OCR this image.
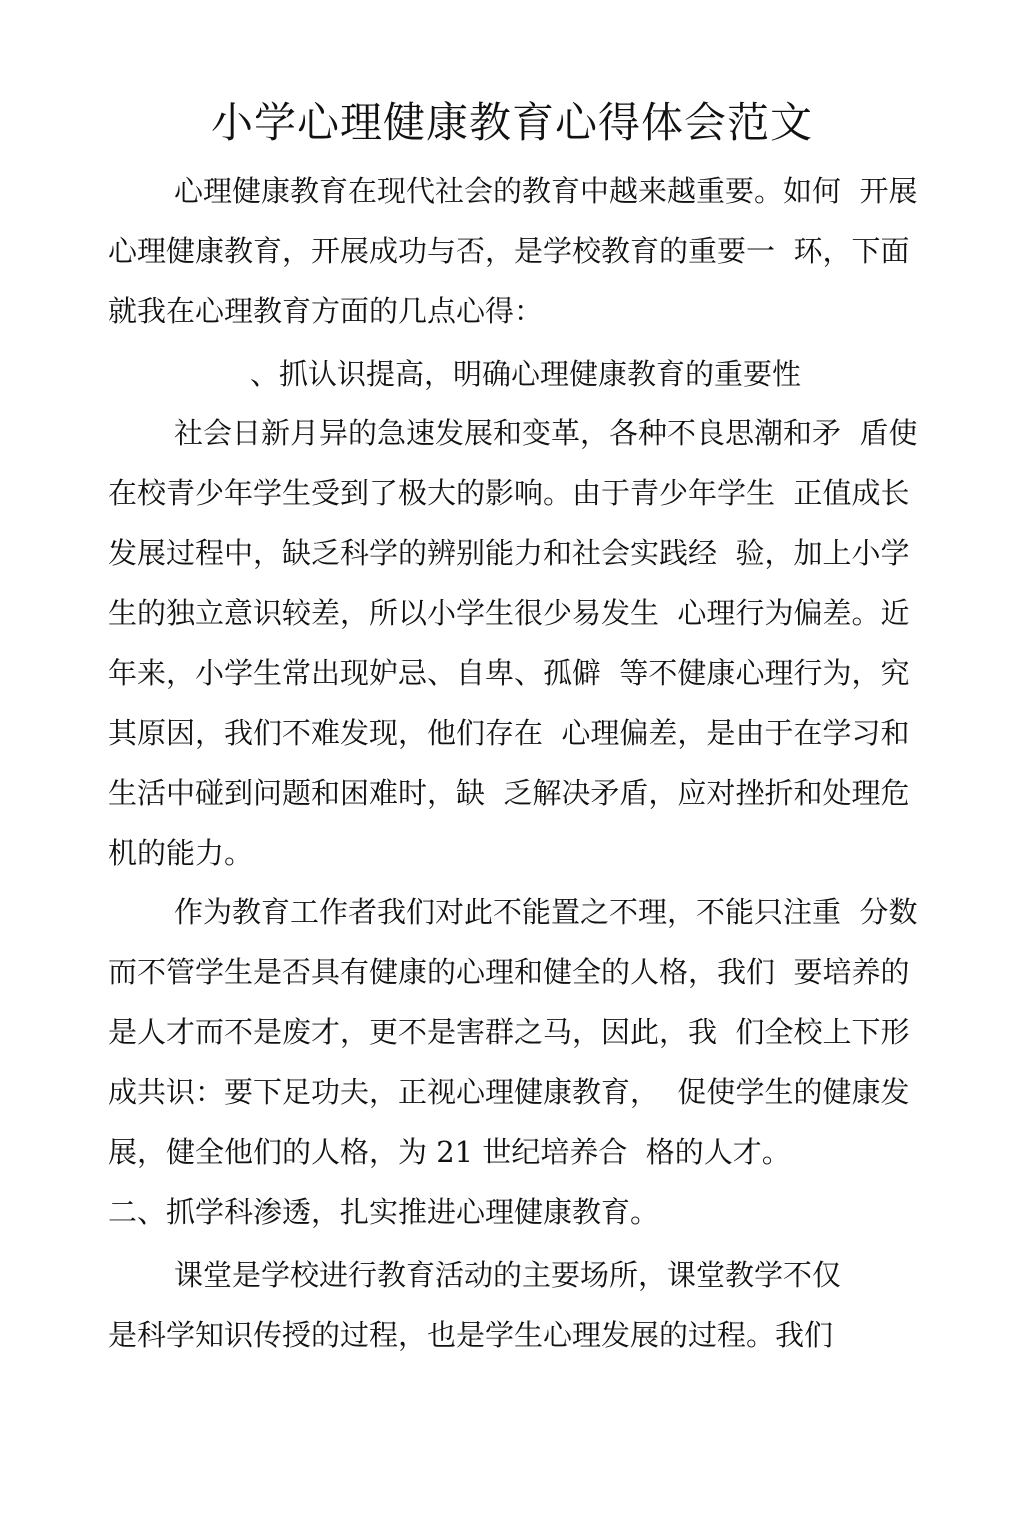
小学心理健康教育心得体会范文

心理健康教育在现代社会的教育中越来越重要。如何  开展

心理健康教育，开展成功与否，是学校教育的重要一  环，下面

就我在心理教育方面的几点心得：

、抓认识提高，明确心理健康教育的重要性

社会日新月异的急速发展和变革，各种不良思潮和矛  盾使

在校青少年学生受到了极大的影响。由于青少年学生  正值成长

发展过程中，缺乏科学的辨别能力和社会实践经  验，加上小学

生的独立意识较差，所以小学生很少易发生  心理行为偏差。近

年来，小学生常出现妒忌、自卑、孤僻  等不健康心理行为，究

其原因，我们不难发现，他们存在  心理偏差，是由于在学习和

生活中碰到问题和困难时，缺  乏解决矛盾，应对挫折和处理危

机的能力。

作为教育工作者我们对此不能置之不理，不能只注重  分数

而不管学生是否具有健康的心理和健全的人格，我们  要培养的

是人才而不是废才，更不是害群之马，因此，我  们全校上下形

成共识：要下足功夫，正视心理健康教育，  促使学生的健康发

展，健全他们的人格，为 21 世纪培养合  格的人才。

二、抓学科渗透，扎实推进心理健康教育。

课堂是学校进行教育活动的主要场所，课堂教学不仅

是科学知识传授的过程，也是学生心理发展的过程。我们
